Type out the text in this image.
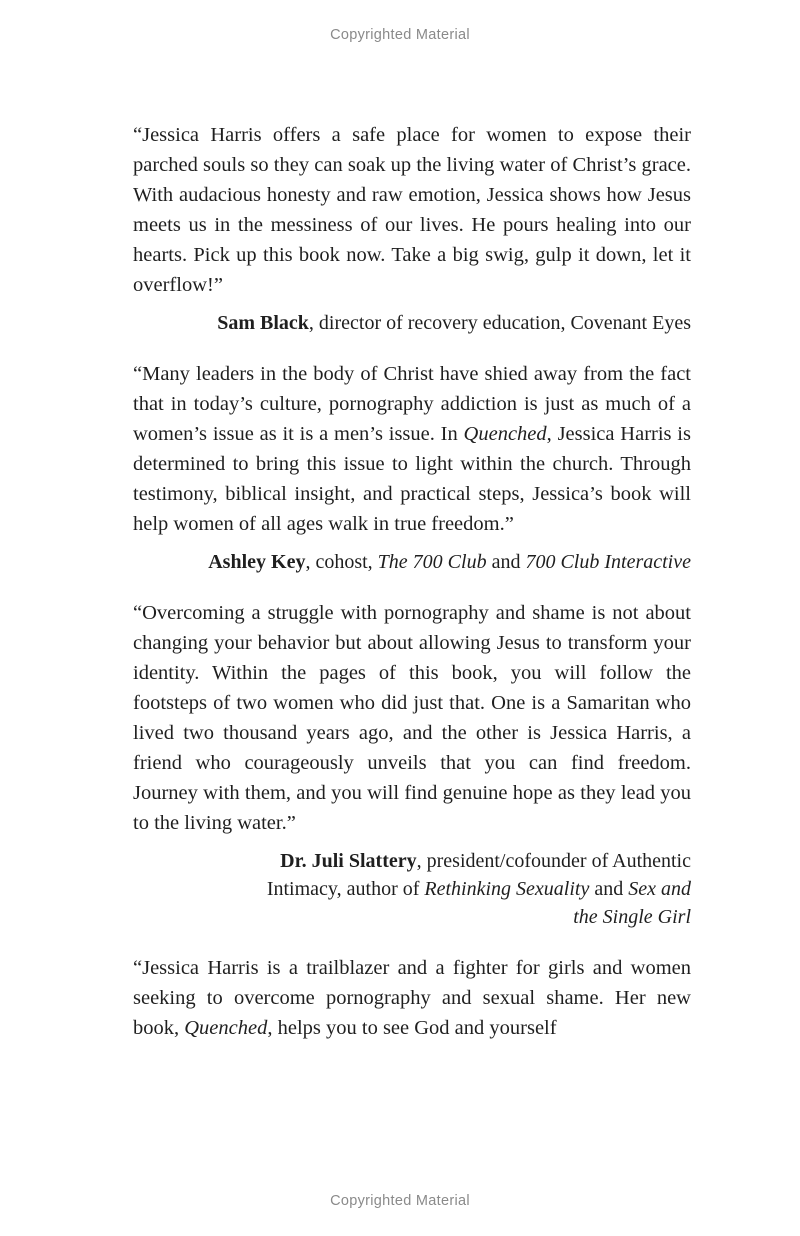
Copyrighted Material

“Jessica Harris offers a safe place for women to expose their parched souls so they can soak up the living water of Christ’s grace. With audacious honesty and raw emotion, Jessica shows how Jesus meets us in the messiness of our lives. He pours healing into our hearts. Pick up this book now. Take a big swig, gulp it down, let it overflow!”

Sam Black, director of recovery education, Covenant Eyes

“Many leaders in the body of Christ have shied away from the fact that in today’s culture, pornography addiction is just as much of a women’s issue as it is a men’s issue. In Quenched, Jessica Harris is determined to bring this issue to light within the church. Through testimony, biblical insight, and practical steps, Jessica’s book will help women of all ages walk in true freedom.”

Ashley Key, cohost, The 700 Club and 700 Club Interactive

“Overcoming a struggle with pornography and shame is not about changing your behavior but about allowing Jesus to transform your identity. Within the pages of this book, you will follow the footsteps of two women who did just that. One is a Samaritan who lived two thousand years ago, and the other is Jessica Harris, a friend who courageously unveils that you can find freedom. Journey with them, and you will find genuine hope as they lead you to the living water.”

Dr. Juli Slattery, president/cofounder of Authentic Intimacy, author of Rethinking Sexuality and Sex and the Single Girl

“Jessica Harris is a trailblazer and a fighter for girls and women seeking to overcome pornography and sexual shame. Her new book, Quenched, helps you to see God and yourself

Copyrighted Material
